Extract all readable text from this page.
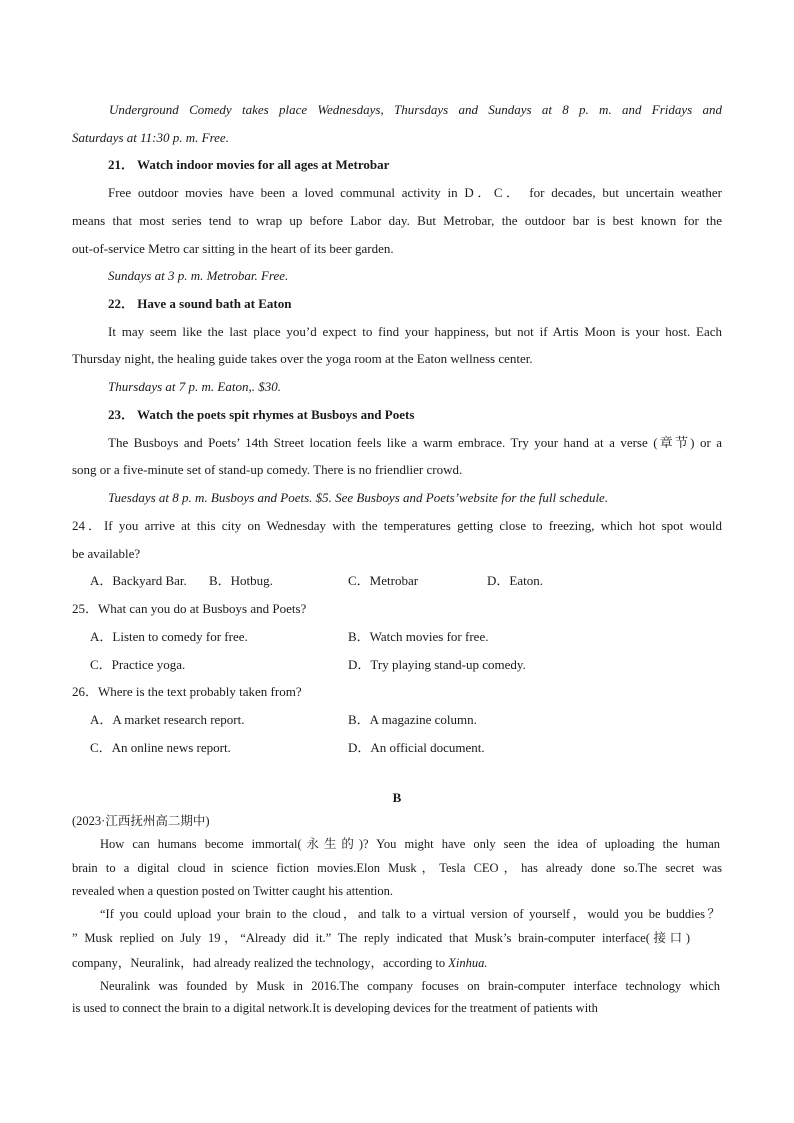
Underground Comedy takes place Wednesdays, Thursdays and Sundays at 8 p. m. and Fridays and
Saturdays at 11:30 p. m. Free.
21． Watch indoor movies for all ages at Metrobar
Free outdoor movies have been a loved communal activity in D．C． for decades, but uncertain weather
means that most series tend to wrap up before Labor day. But Metrobar, the outdoor bar is best known for the
out-of-service Metro car sitting in the heart of its beer garden.
Sundays at 3 p. m. Metrobar. Free.
22． Have a sound bath at Eaton
It may seem like the last place you’d expect to find your happiness, but not if Artis Moon is your host. Each
Thursday night, the healing guide takes over the yoga room at the Eaton wellness center.
Thursdays at 7 p. m. Eaton,. $30.
23． Watch the poets spit rhymes at Busboys and Poets
The Busboys and Poets’ 14th Street location feels like a warm embrace. Try your hand at a verse (章节) or a
song or a five-minute set of stand-up comedy. There is no friendlier crowd.
Tuesdays at 8 p. m. Busboys and Poets. $5. See Busboys and Poets’website for the full schedule.
24．If you arrive at this city on Wednesday with the temperatures getting close to freezing, which hot spot would
be available?
A．Backyard Bar. B．Hotbug.	C．Metrobar	D．Eaton.
25．What can you do at Busboys and Poets?
A．Listen to comedy for free.	B．Watch movies for free.
C．Practice yoga.	D．Try playing stand-up comedy.
26．Where is the text probably taken from?
A．A market research report.	B．A magazine column.
C．An online news report.	D．An official document.
B
(2023·江西抚州高二期中)
How can humans become immortal(永生的)? You might have only seen the idea of uploading the human
brain to a digital cloud in science fiction movies.Elon Musk，Tesla CEO，has already done so.The secret was
revealed when a question posted on Twitter caught his attention.
“If you could upload your brain to the cloud，and talk to a virtual version of yourself，would you be buddies？
” Musk replied on July 19，“Already did it.” The reply indicated that Musk’s brain-computer interface(接口)
company，Neuralink，had already realized the technology，according to Xinhua.
Neuralink was founded by Musk in 2016.The company focuses on brain-computer interface technology which
is used to connect the brain to a digital network.It is developing devices for the treatment of patients with
